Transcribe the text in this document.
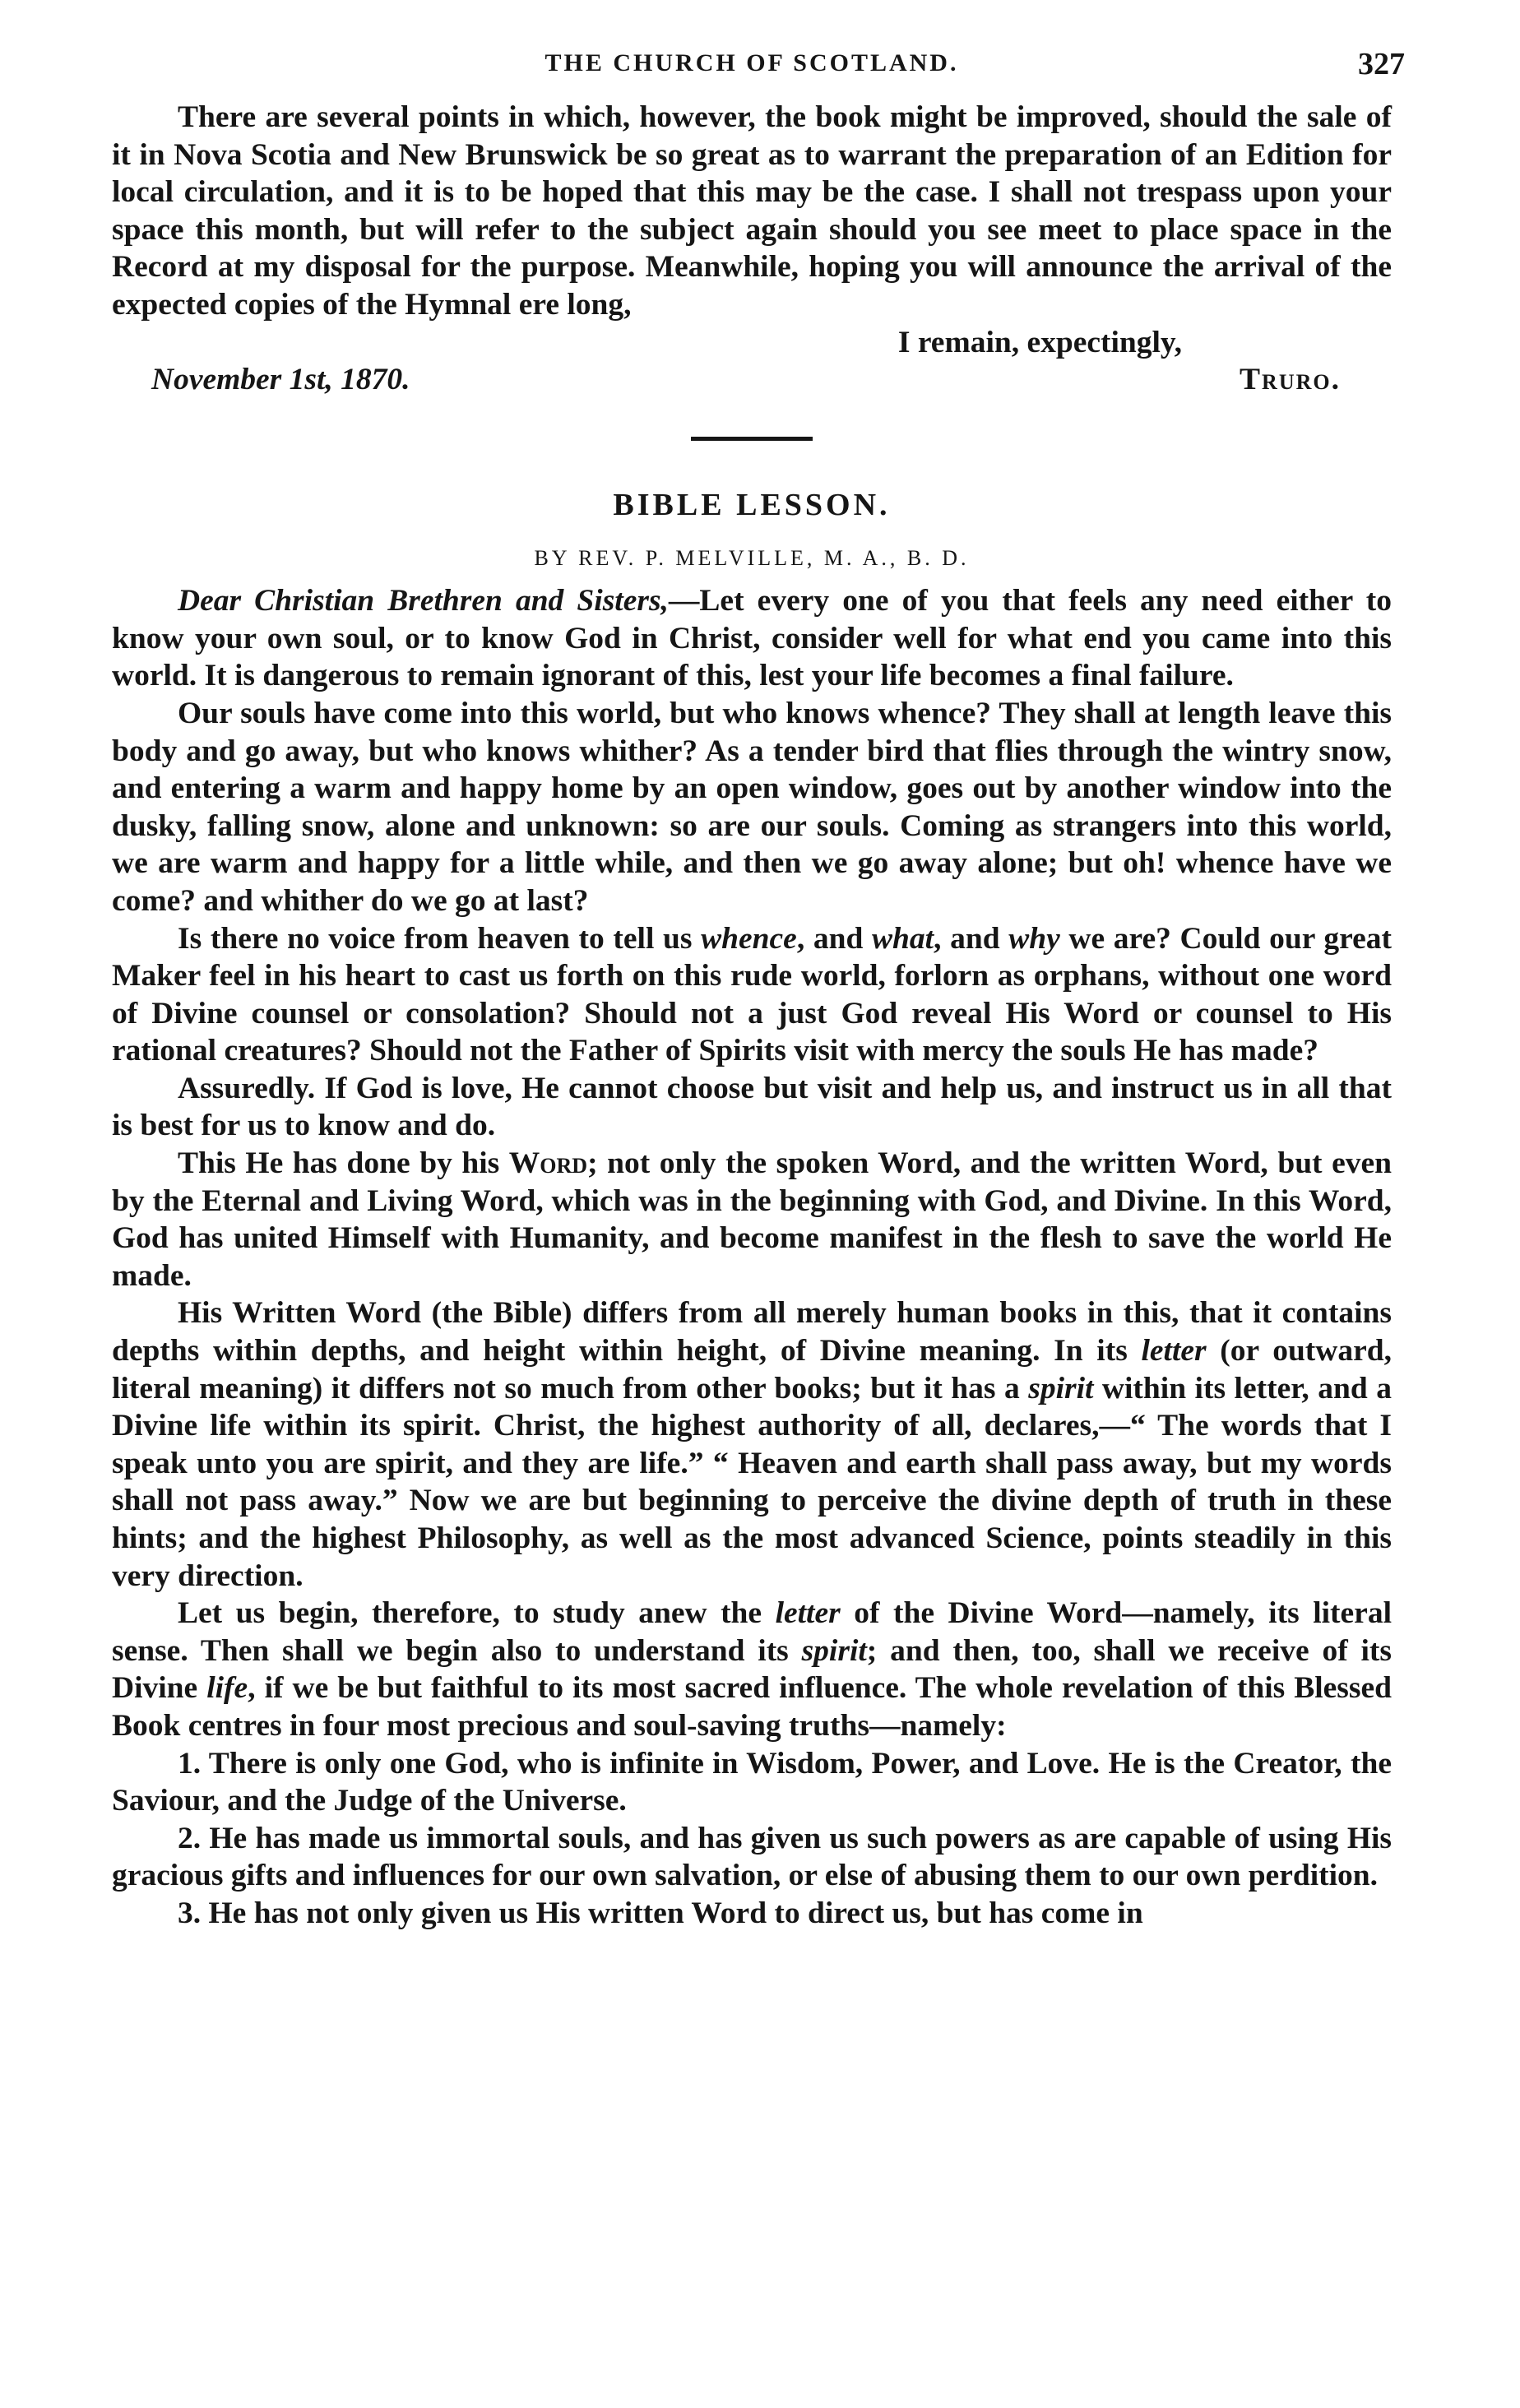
THE CHURCH OF SCOTLAND.	327

There are several points in which, however, the book might be improved, should the sale of it in Nova Scotia and New Brunswick be so great as to warrant the preparation of an Edition for local circulation, and it is to be hoped that this may be the case. I shall not trespass upon your space this month, but will refer to the subject again should you see meet to place space in the Record at my disposal for the purpose. Meanwhile, hoping you will announce the arrival of the expected copies of the Hymnal ere long,

I remain, expectingly,

November 1st, 1870.	Truro.
BIBLE LESSON.
BY REV. P. MELVILLE, M. A., B. D.

Dear Christian Brethren and Sisters,—Let every one of you that feels any need either to know your own soul, or to know God in Christ, consider well for what end you came into this world. It is dangerous to remain ignorant of this, lest your life becomes a final failure.

Our souls have come into this world, but who knows whence? They shall at length leave this body and go away, but who knows whither? As a tender bird that flies through the wintry snow, and entering a warm and happy home by an open window, goes out by another window into the dusky, falling snow, alone and unknown: so are our souls. Coming as strangers into this world, we are warm and happy for a little while, and then we go away alone; but oh! whence have we come? and whither do we go at last?

Is there no voice from heaven to tell us whence, and what, and why we are? Could our great Maker feel in his heart to cast us forth on this rude world, forlorn as orphans, without one word of Divine counsel or consolation? Should not a just God reveal His Word or counsel to His rational creatures? Should not the Father of Spirits visit with mercy the souls He has made?

Assuredly. If God is love, He cannot choose but visit and help us, and instruct us in all that is best for us to know and do.

This He has done by his Word; not only the spoken Word, and the written Word, but even by the Eternal and Living Word, which was in the beginning with God, and Divine. In this Word, God has united Himself with Humanity, and become manifest in the flesh to save the world He made.

His Written Word (the Bible) differs from all merely human books in this, that it contains depths within depths, and height within height, of Divine meaning. In its letter (or outward, literal meaning) it differs not so much from other books; but it has a spirit within its letter, and a Divine life within its spirit. Christ, the highest authority of all, declares,—“ The words that I speak unto you are spirit, and they are life.” “ Heaven and earth shall pass away, but my words shall not pass away.” Now we are but beginning to perceive the divine depth of truth in these hints; and the highest Philosophy, as well as the most advanced Science, points steadily in this very direction.

Let us begin, therefore, to study anew the letter of the Divine Word—namely, its literal sense. Then shall we begin also to understand its spirit; and then, too, shall we receive of its Divine life, if we be but faithful to its most sacred influence. The whole revelation of this Blessed Book centres in four most precious and soul-saving truths—namely:

1. There is only one God, who is infinite in Wisdom, Power, and Love. He is the Creator, the Saviour, and the Judge of the Universe.

2. He has made us immortal souls, and has given us such powers as are capable of using His gracious gifts and influences for our own salvation, or else of abusing them to our own perdition.

3. He has not only given us His written Word to direct us, but has come in
